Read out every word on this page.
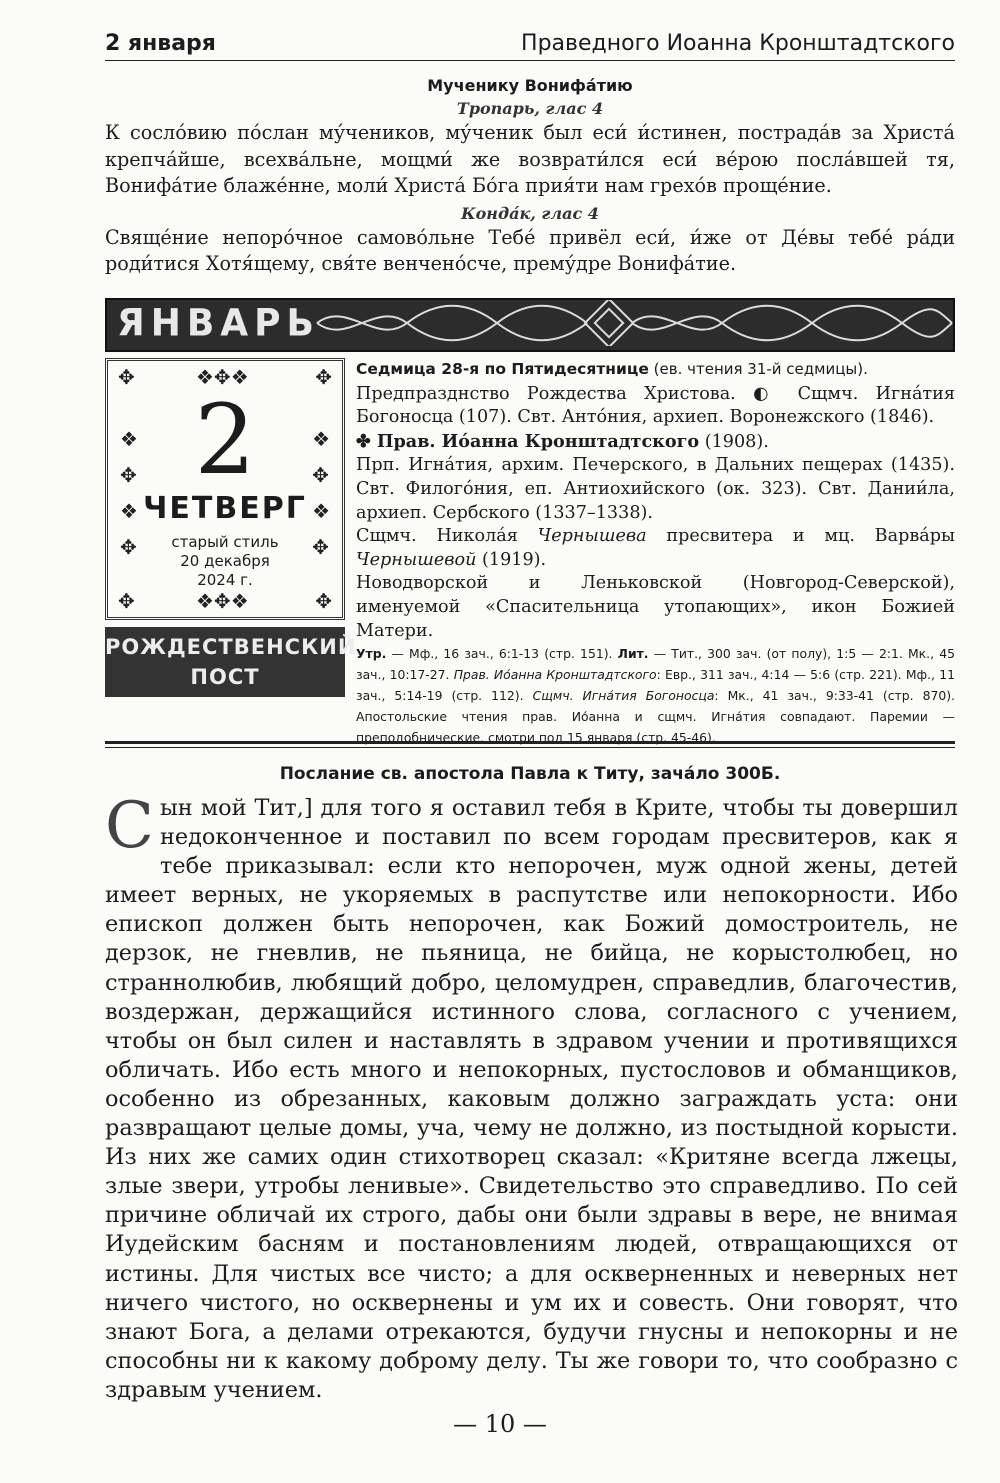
2 января	Праведного Иоанна Кронштадтского
Мученику Вонифа́тию
Тропарь, глас 4

К сосло́вию по́слан му́чеников, му́ченик был еси́ и́стинен, пострада́в за Христа́ крепча́йше, всехва́льне, мощми́ же возврати́лся еси́ ве́рою посла́вшей тя, Вонифа́тие блаже́нне, моли́ Христа́ Бо́га прия́ти нам грехо́в проще́ние.

Конда́к, глас 4

Свяще́ние непоро́чное самово́льне Тебе́ привёл еси́, и́же от Де́вы тебе́ ра́ди роди́тися Хотя́щему, свя́те венчено́сче, прему́дре Вонифа́тие.

ЯНВАРЬ
✥	✥
❖✥❖
✥	✥
❖✥❖
❖
✥
❖
✥
❖
✥
❖
✥
2
ЧЕТВЕРГ
старый стиль
20 декабря
2024 г.
РОЖДЕСТВЕНСКИЙ
ПОСТ

Седмица 28-я по Пятидесятнице (ев. чтения 31-й седмицы).

Предпразднство Рождества Христова. ◐ Сщмч. Игна́тия Богоносца (107). Свт. Анто́ния, архиеп. Воронежского (1846).

✤ Прав. Ио́анна Кронштадтского (1908).

Прп. Игна́тия, архим. Печерского, в Дальних пещерах (1435). Свт. Филого́ния, еп. Антиохийского (ок. 323). Свт. Дании́ла, архиеп. Сербского (1337–1338).

Сщмч. Никола́я Чернышева пресвитера и мц. Варва́ры Чернышевой (1919).

Новодворской и Леньковской (Новгород-Северской), именуемой «Спасительница утопающих», икон Божией Матери.

Утр. — Мф., 16 зач., 6:1-13 (стр. 151). Лит. — Тит., 300 зач. (от полу), 1:5 — 2:1. Мк., 45 зач., 10:17-27. Прав. Ио́анна Кронштадтского: Евр., 311 зач., 4:14 — 5:6 (стр. 221). Мф., 11 зач., 5:14-19 (стр. 112). Сщмч. Игна́тия Богоносца: Мк., 41 зач., 9:33-41 (стр. 870). Апостольские чтения прав. Ио́анна и сщмч. Игна́тия совпадают. Паремии — преподобнические, смотри под 15 января (стр. 45-46).

Послание св. апостола Павла к Титу, зача́ло 300Б.
Сын мой Тит,] для того я оставил тебя в Крите, чтобы ты довершил недоконченное и поставил по всем городам пресвитеров, как я тебе приказывал: если кто непорочен, муж одной жены, детей имеет верных, не укоряемых в распутстве или непокорности. Ибо епископ должен быть непорочен, как Божий домостроитель, не дерзок, не гневлив, не пьяница, не бийца, не корыстолюбец, но страннолюбив, любящий добро, целомудрен, справедлив, благочестив, воздержан, держащийся истинного слова, согласного с учением, чтобы он был силен и наставлять в здравом учении и противящихся обличать. Ибо есть много и непокорных, пустословов и обманщиков, особенно из обрезанных, каковым должно заграждать уста: они развращают целые домы, уча, чему не должно, из постыдной корысти. Из них же самих один стихотворец сказал: «Критяне всегда лжецы, злые звери, утробы ленивые». Свидетельство это справедливо. По сей причине обличай их строго, дабы они были здравы в вере, не внимая Иудейским басням и постановлениям людей, отвращающихся от истины. Для чистых все чисто; а для оскверненных и неверных нет ничего чистого, но осквернены и ум их и совесть. Они говорят, что знают Бога, а делами отрекаются, будучи гнусны и непокорны и не способны ни к какому доброму делу. Ты же говори то, что сообразно с здравым учением.
— 10 —
